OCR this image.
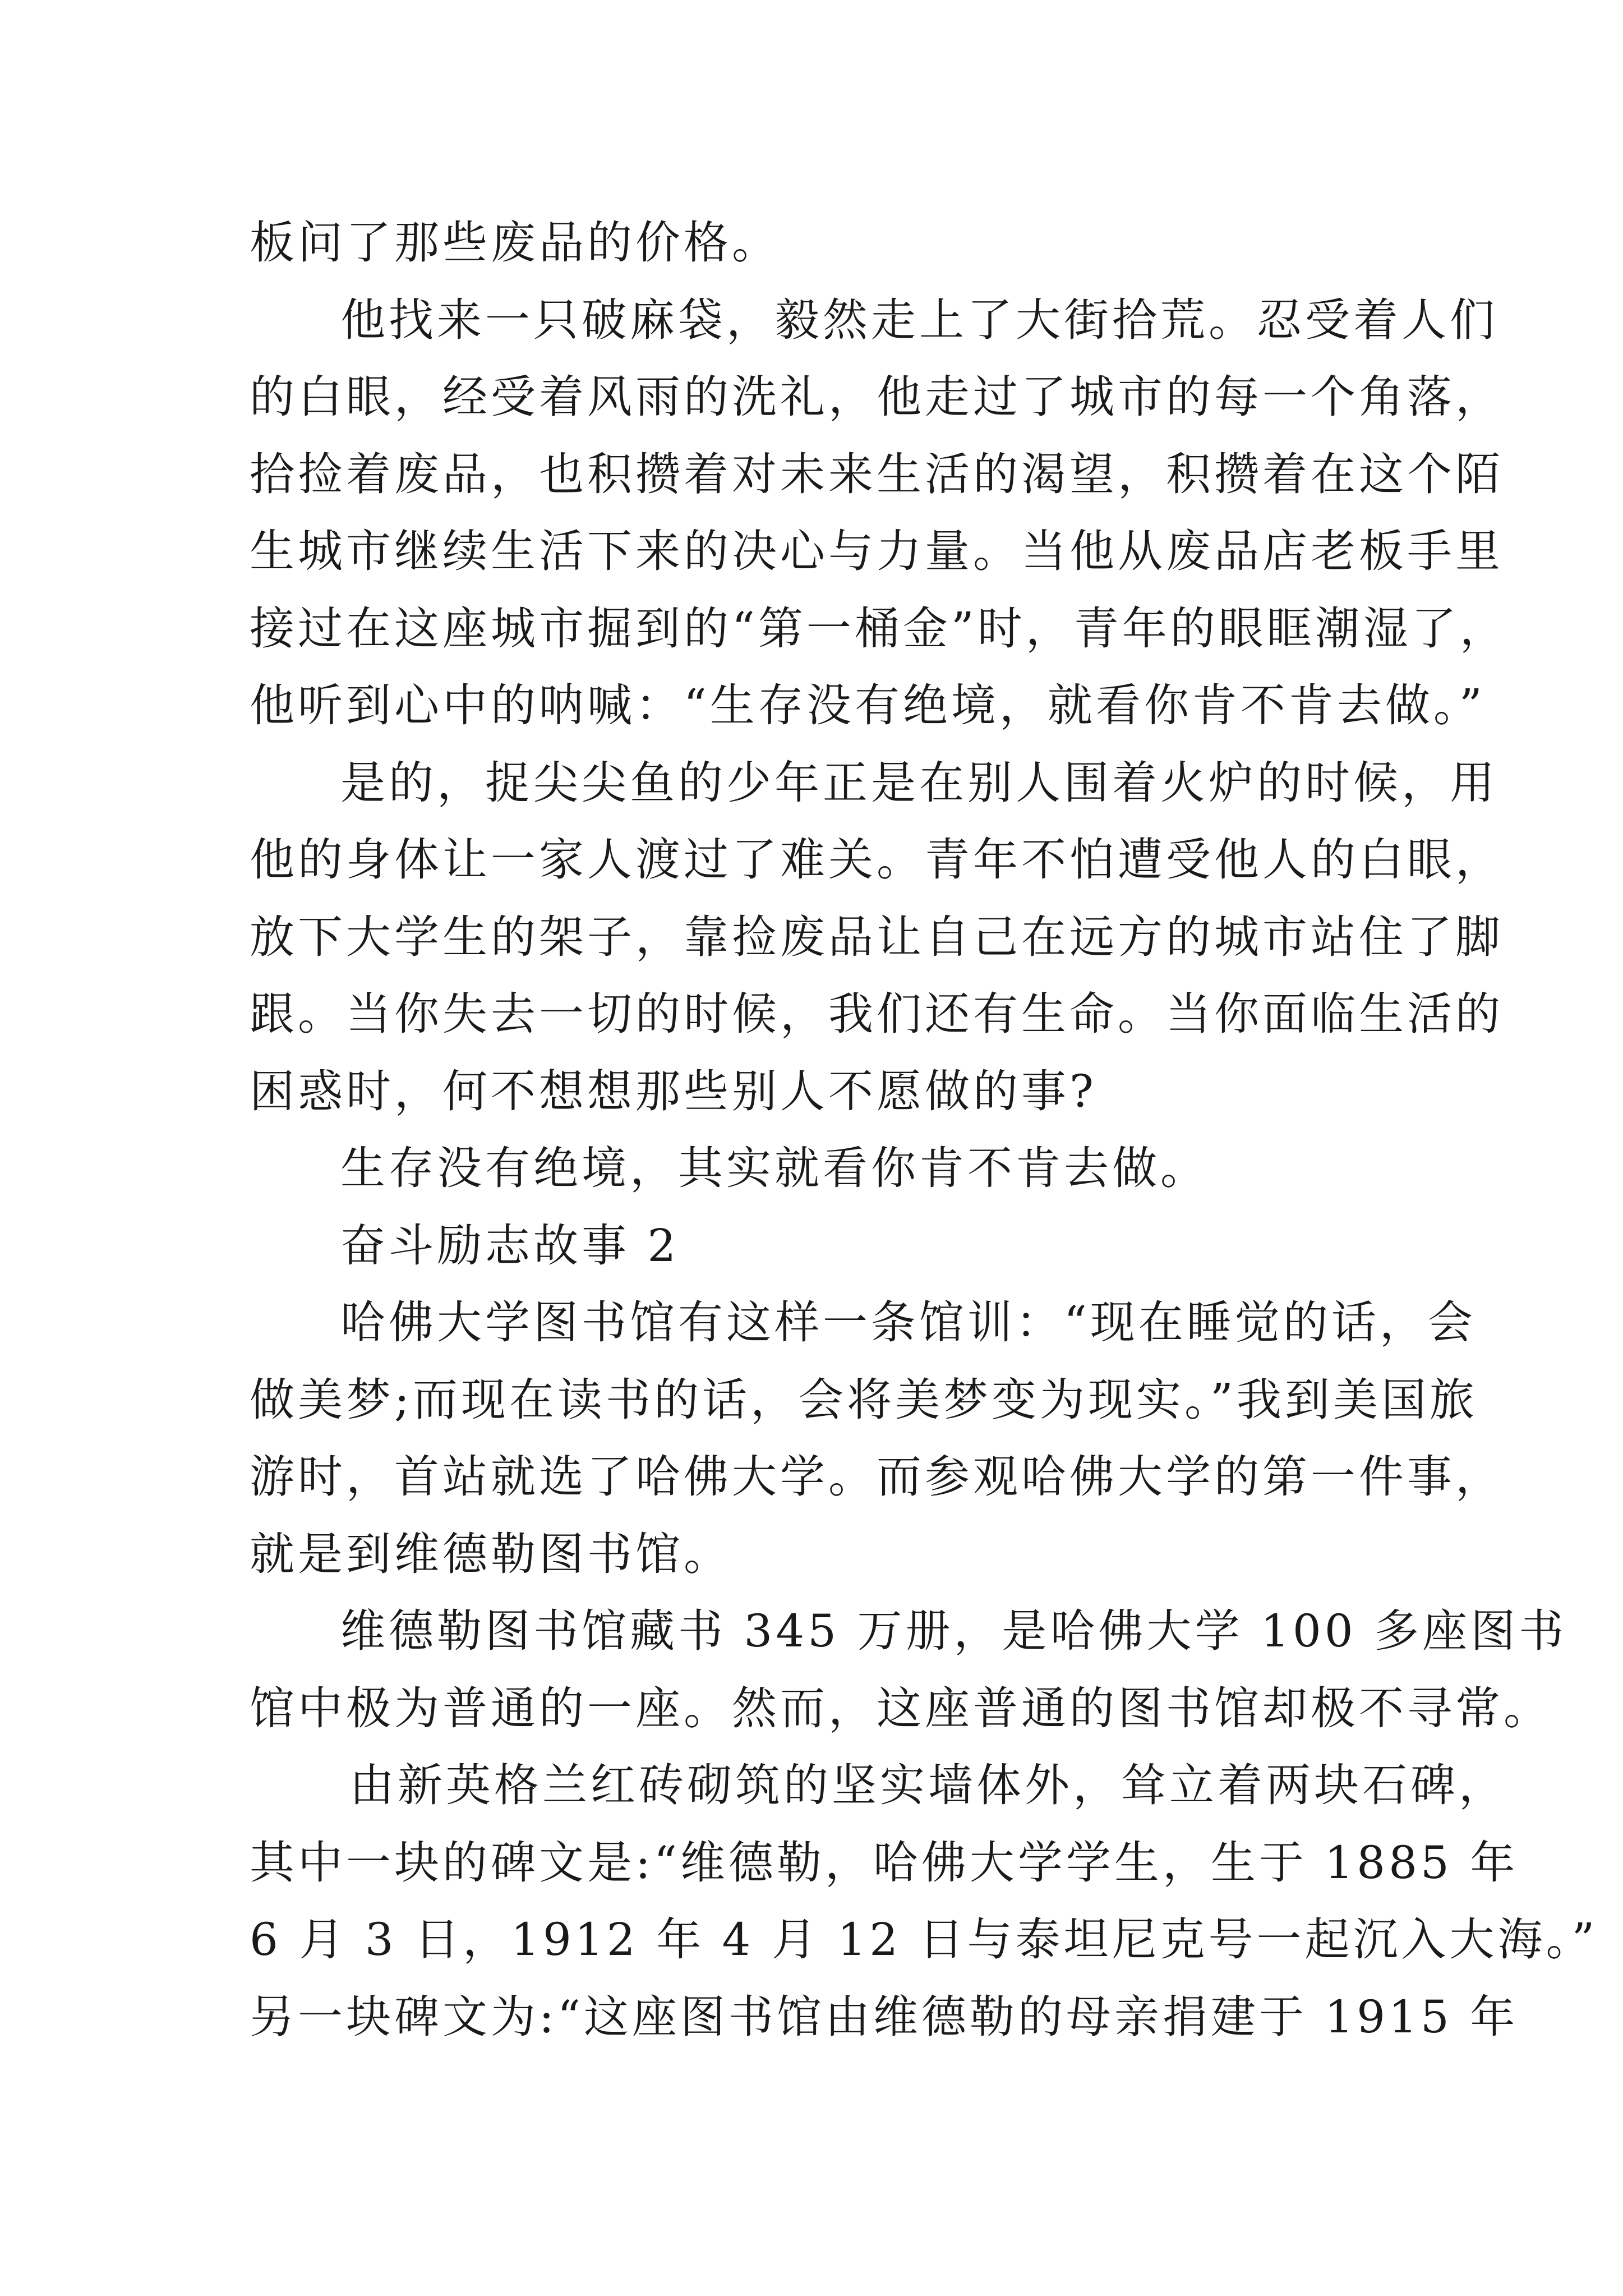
板问了那些废品的价格。
他找来一只破麻袋，毅然走上了大街拾荒。忍受着人们
的白眼，经受着风雨的洗礼，他走过了城市的每一个角落，
拾捡着废品，也积攒着对未来生活的渴望，积攒着在这个陌
生城市继续生活下来的决心与力量。当他从废品店老板手里
接过在这座城市掘到的“第一桶金”时，青年的眼眶潮湿了，
他听到心中的呐喊：“生存没有绝境，就看你肯不肯去做。”
是的，捉尖尖鱼的少年正是在别人围着火炉的时候，用
他的身体让一家人渡过了难关。青年不怕遭受他人的白眼，
放下大学生的架子，靠捡废品让自己在远方的城市站住了脚
跟。当你失去一切的时候，我们还有生命。当你面临生活的
困惑时，何不想想那些别人不愿做的事?
生存没有绝境，其实就看你肯不肯去做。
奋斗励志故事 2
哈佛大学图书馆有这样一条馆训：“现在睡觉的话，会
做美梦;而现在读书的话，会将美梦变为现实。”我到美国旅
游时，首站就选了哈佛大学。而参观哈佛大学的第一件事，
就是到维德勒图书馆。
维德勒图书馆藏书 345 万册，是哈佛大学 100 多座图书
馆中极为普通的一座。然而，这座普通的图书馆却极不寻常。
由新英格兰红砖砌筑的坚实墙体外，耸立着两块石碑，
其中一块的碑文是:“维德勒，哈佛大学学生，生于 1885 年
6 月 3 日，1912 年 4 月 12 日与泰坦尼克号一起沉入大海。”
另一块碑文为:“这座图书馆由维德勒的母亲捐建于 1915 年
